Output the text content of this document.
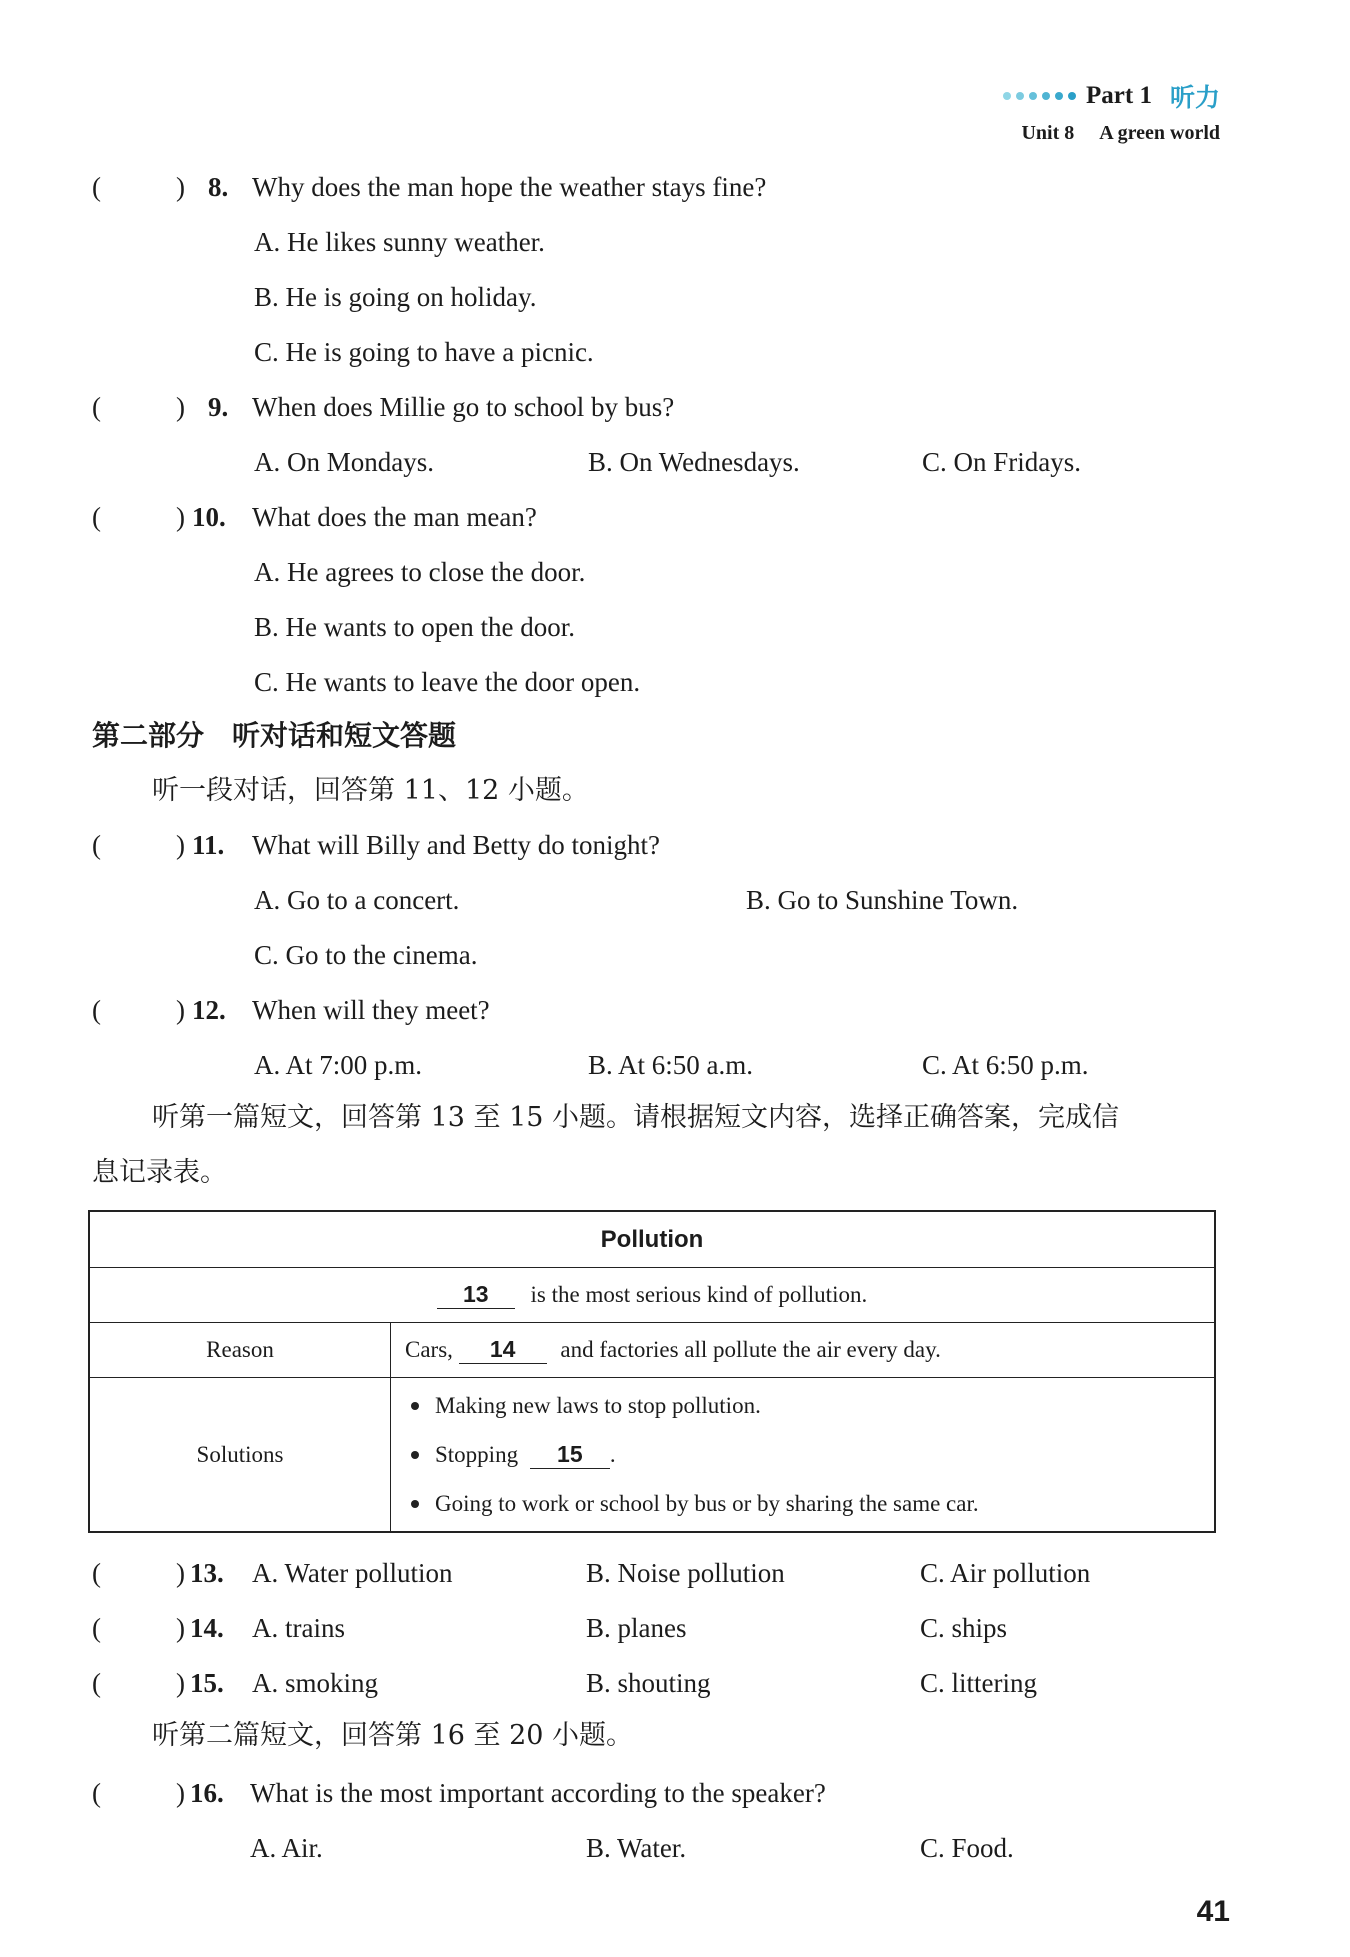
Part 1 听力
Unit 8 A green world
(	) 8. Why does the man hope the weather stays fine?
A. He likes sunny weather.
B. He is going on holiday.
C. He is going to have a picnic.
(	) 9. When does Millie go to school by bus?
A. On Mondays.	B. On Wednesdays.	C. On Fridays.
(	) 10. What does the man mean?
A. He agrees to close the door.
B. He wants to open the door.
C. He wants to leave the door open.
第二部分　听对话和短文答题
听一段对话，回答第 11、12 小题。
(	) 11. What will Billy and Betty do tonight?
A. Go to a concert.	B. Go to Sunshine Town.
C. Go to the cinema.
(	) 12. When will they meet?
A. At 7:00 p.m.	B. At 6:50 a.m.	C. At 6:50 p.m.
听第一篇短文，回答第 13 至 15 小题。请根据短文内容，选择正确答案，完成信
息记录表。
Pollution	
13 is the most serious kind of pollution.	
Reason	Cars, 14 and factories all pollute the air every day.
Solutions	Making new laws to stop pollution.
Stopping 15 .
Going to work or school by bus or by sharing the same car.
(	) 13. A. Water pollution	B. Noise pollution	C. Air pollution
(	) 14. A. trains	B. planes	C. ships
(	) 15. A. smoking	B. shouting	C. littering
听第二篇短文，回答第 16 至 20 小题。
(	) 16. What is the most important according to the speaker?
A. Air.	B. Water.	C. Food.
41
